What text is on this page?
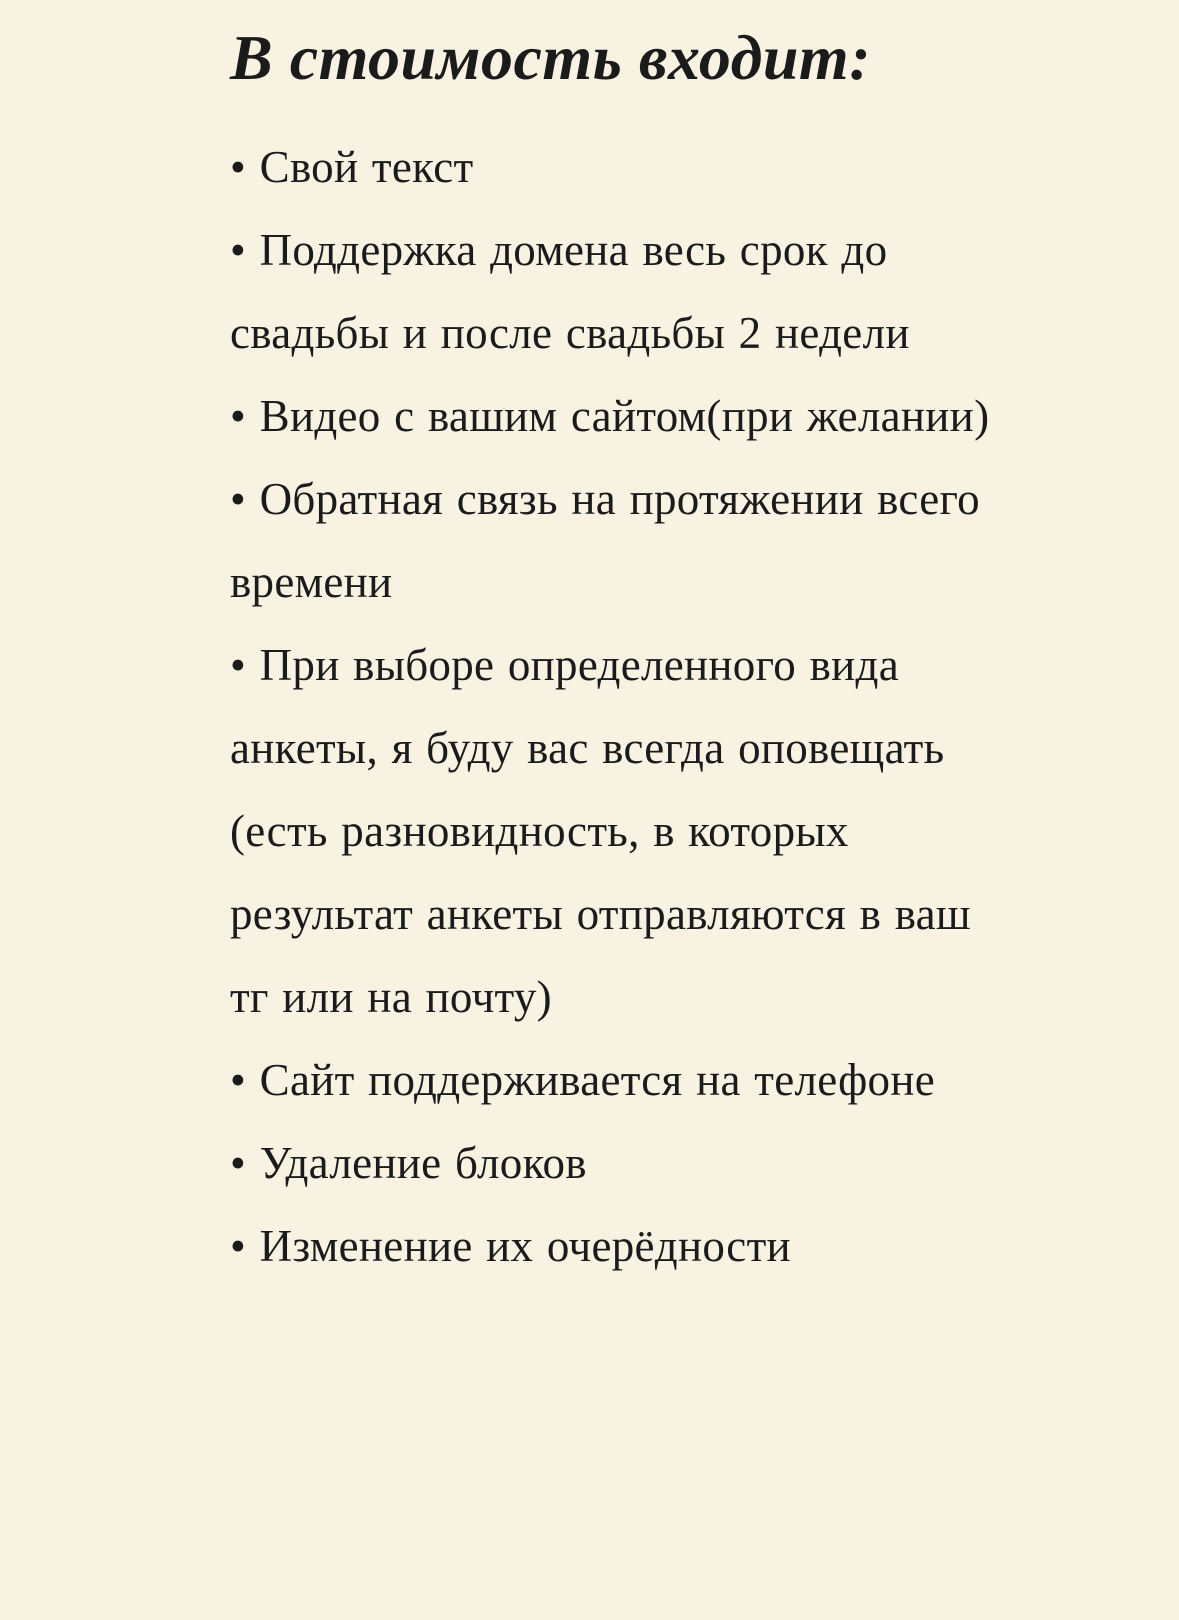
В стоимость входит:

• Свой текст

• Поддержка домена весь срок до свадьбы и после свадьбы 2 недели

• Видео с вашим сайтом(при желании)

• Обратная связь на протяжении всего времени

• При выборе определенного вида анкеты, я буду вас всегда оповещать (есть разновидность, в которых результат анкеты отправляются в ваш тг или на почту)

• Сайт поддерживается на телефоне

• Удаление блоков

• Изменение их очерёдности
